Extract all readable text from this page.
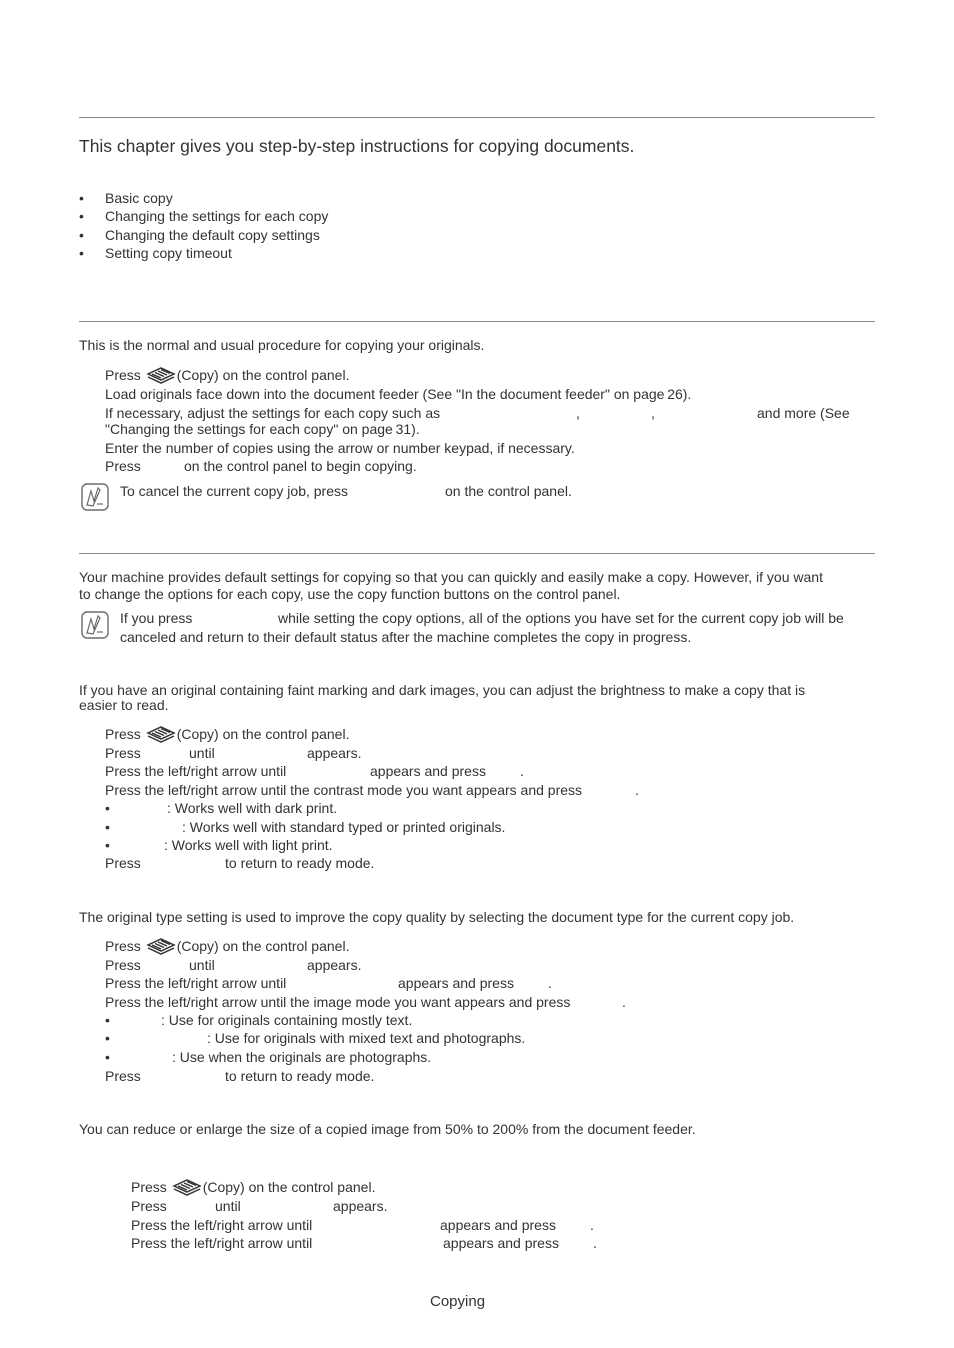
This chapter gives you step-by-step instructions for copying documents.
• Basic copy
• Changing the settings for each copy
• Changing the default copy settings
• Setting copy timeout
This is the normal and usual procedure for copying your originals.
Press	(Copy) on the control panel.
Load originals face down into the document feeder (See "In the document feeder" on page 26).
If necessary, adjust the settings for each copy such as	,	,	and more (See
"Changing the settings for each copy" on page 31).
Enter the number of copies using the arrow or number keypad, if necessary.
Press	on the control panel to begin copying.
To cancel the current copy job, press	on the control panel.
Your machine provides default settings for copying so that you can quickly and easily make a copy. However, if you want
to change the options for each copy, use the copy function buttons on the control panel.
If you press	while setting the copy options, all of the options you have set for the current copy job will be
canceled and return to their default status after the machine completes the copy in progress.
If you have an original containing faint marking and dark images, you can adjust the brightness to make a copy that is
easier to read.
Press	(Copy) on the control panel.
Press	until	appears.
Press the left/right arrow until	appears and press .
Press the left/right arrow until the contrast mode you want appears and press	.
•	: Works well with dark print.
•	: Works well with standard typed or printed originals.
•	: Works well with light print.
Press	to return to ready mode.
The original type setting is used to improve the copy quality by selecting the document type for the current copy job.
Press	(Copy) on the control panel.
Press	until	appears.
Press the left/right arrow until	appears and press .
Press the left/right arrow until the image mode you want appears and press	.
•	: Use for originals containing mostly text.
•	: Use for originals with mixed text and photographs.
•	: Use when the originals are photographs.
Press	to return to ready mode.
You can reduce or enlarge the size of a copied image from 50% to 200% from the document feeder.
Press	(Copy) on the control panel.
Press	until	appears.
Press the left/right arrow until	appears and press .
Press the left/right arrow until	appears and press .
Copying
